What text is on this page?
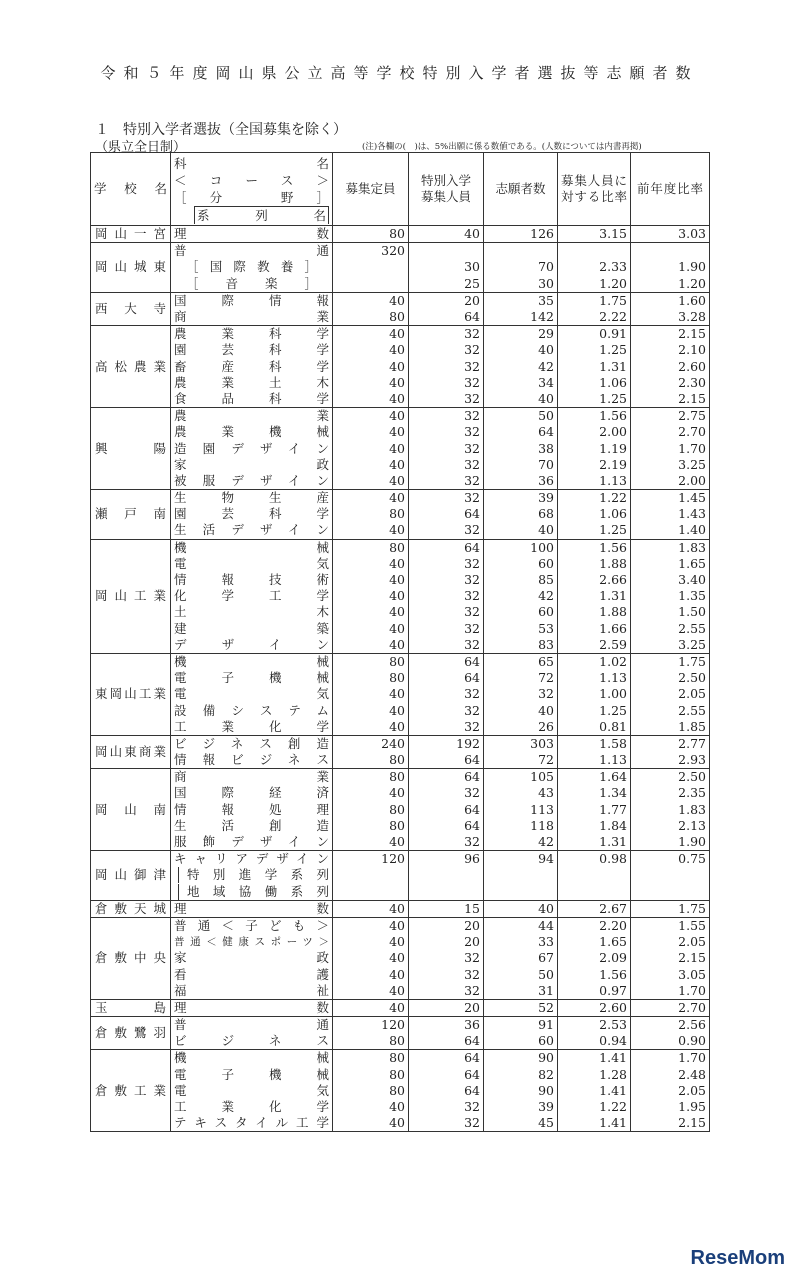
令和５年度岡山県公立高等学校特別入学者選抜等志願者数
１　特別入学者選抜（全国募集を除く）
（県立全日制）	(注)各欄の(　)は、5%出願に係る数値である。(人数については内書再掲)
学校名	科　　　名
＜コース＞
［分　野］
系列名	募集定員	特別入学募集人員	志願者数	募集人員に対する比率	前年度比率

岡山一宮	理数	80	40	126	3.15	3.03

岡山城東	普通	320				

	［国際教養］		30	70	2.33	1.90

	［音楽］		25	30	1.20	1.20

西大寺	国際情報	40	20	35	1.75	1.60

	商業	80	64	142	2.22	3.28

高松農業	農業科学	40	32	29	0.91	2.15

	園芸科学	40	32	40	1.25	2.10

	畜産科学	40	32	42	1.31	2.60

	農業土木	40	32	34	1.06	2.30

	食品科学	40	32	40	1.25	2.15

興陽	農業	40	32	50	1.56	2.75

	農業機械	40	32	64	2.00	2.70

	造園デザイン	40	32	38	1.19	1.70

	家政	40	32	70	2.19	3.25

	被服デザイン	40	32	36	1.13	2.00

瀬戸南	生物生産	40	32	39	1.22	1.45

	園芸科学	80	64	68	1.06	1.43

	生活デザイン	40	32	40	1.25	1.40

岡山工業	機械	80	64	100	1.56	1.83

	電気	40	32	60	1.88	1.65

	情報技術	40	32	85	2.66	3.40

	化学工学	40	32	42	1.31	1.35

	土木	40	32	60	1.88	1.50

	建築	40	32	53	1.66	2.55

	デザイン	40	32	83	2.59	3.25

東岡山工業	機械	80	64	65	1.02	1.75

	電子機械	80	64	72	1.13	2.50

	電気	40	32	32	1.00	2.05

	設備システム	40	32	40	1.25	2.55

	工業化学	40	32	26	0.81	1.85

岡山東商業	ビジネス創造	240	192	303	1.58	2.77

	情報ビジネス	80	64	72	1.13	2.93

岡山南	商業	80	64	105	1.64	2.50

	国際経済	40	32	43	1.34	2.35

	情報処理	80	64	113	1.77	1.83

	生活創造	80	64	118	1.84	2.13

	服飾デザイン	40	32	42	1.31	1.90

岡山御津	キャリアデザイン	120	96	94	0.98	0.75

	特別進学系列					

	地域協働系列					

倉敷天城	理数	40	15	40	2.67	1.75

倉敷中央	普通＜子ども＞	40	20	44	2.20	1.55

	普通＜健康スポーツ＞	40	20	33	1.65	2.05

	家政	40	32	67	2.09	2.15

	看護	40	32	50	1.56	3.05

	福祉	40	32	31	0.97	1.70

玉島	理数	40	20	52	2.60	2.70

倉敷鷺羽	普通	120	36	91	2.53	2.56

	ビジネス	80	64	60	0.94	0.90

倉敷工業	機械	80	64	90	1.41	1.70

	電子機械	80	64	82	1.28	2.48

	電気	80	64	90	1.41	2.05

	工業化学	40	32	39	1.22	1.95

	テキスタイル工学	40	32	45	1.41	2.15
ReseMom
